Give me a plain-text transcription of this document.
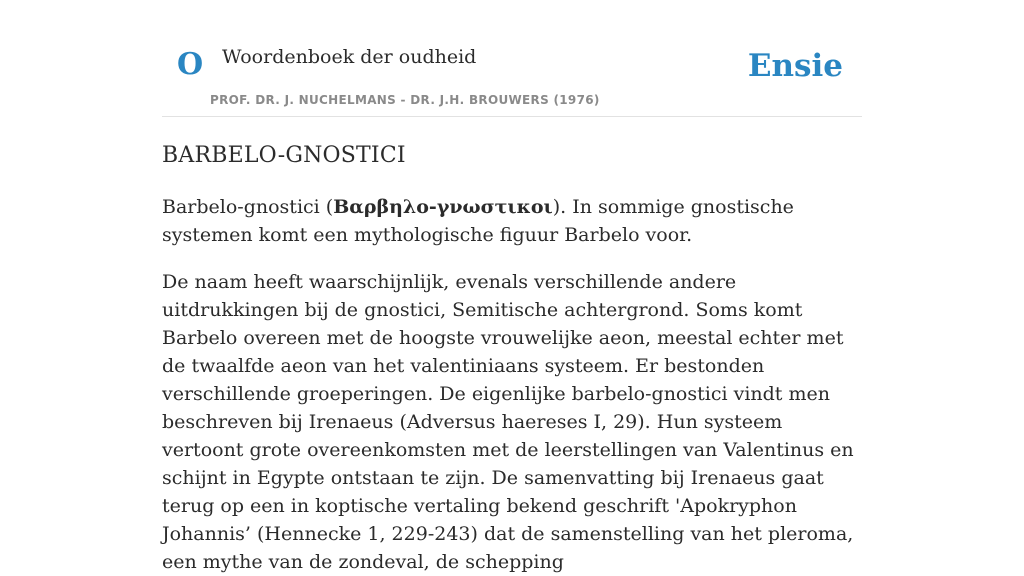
O Woordenboek der oudheid
PROF. DR. J. NUCHELMANS - DR. J.H. BROUWERS (1976)
Ensie
BARBELO-GNOSTICI

Barbelo-gnostici (Βαρβηλο-γνωστικοι). In sommige gnostische systemen komt een mythologische figuur Barbelo voor.

De naam heeft waarschijnlijk, evenals verschillende andere uitdrukkingen bij de gnostici, Semitische achtergrond. Soms komt Barbelo overeen met de hoogste vrouwelijke aeon, meestal echter met de twaalfde aeon van het valentiniaans systeem. Er bestonden verschillende groeperingen. De eigenlijke barbelo-gnostici vindt men beschreven bij Irenaeus (Adversus haereses I, 29). Hun systeem vertoont grote overeenkomsten met de leerstellingen van Valentinus en schijnt in Egypte ontstaan te zijn. De samenvatting bij Irenaeus gaat terug op een in koptische vertaling bekend geschrift 'Apokryphon Johannis’ (Hennecke 1, 229-243) dat de samenstelling van het pleroma, een mythe van de zondeval, de schepping
